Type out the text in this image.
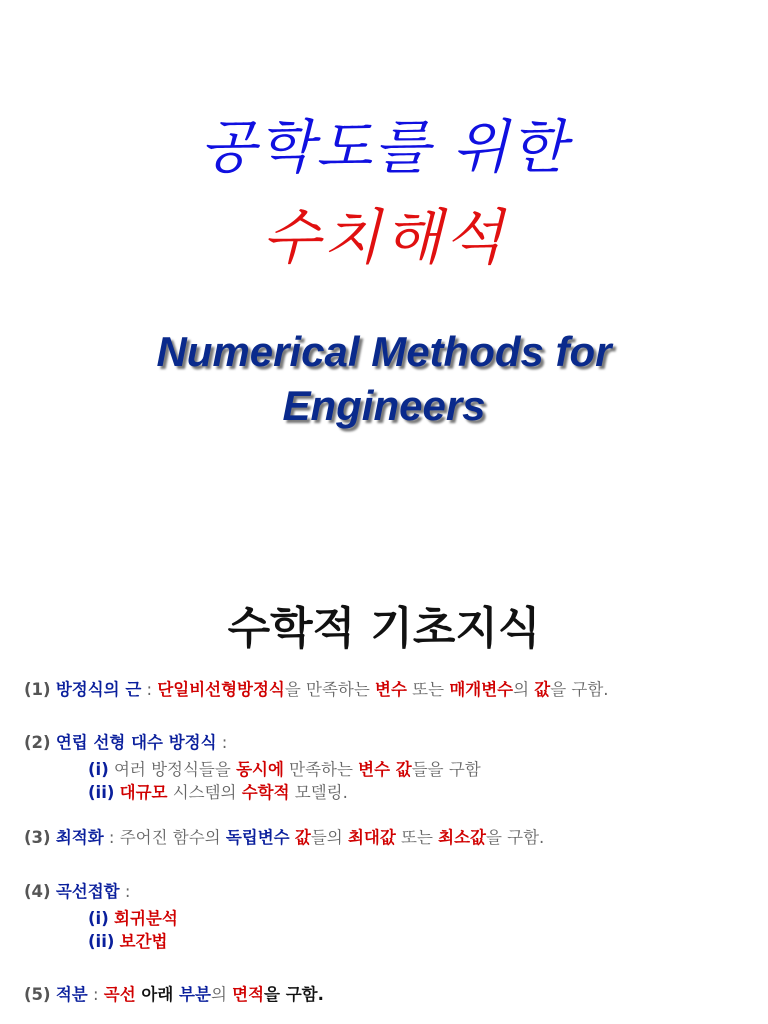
공학도를 위한
수치해석
Numerical Methods for
Engineers
수학적 기초지식
(1) 방정식의 근 : 단일비선형방정식을 만족하는 변수 또는 매개변수의 값을 구함.
(2) 연립 선형 대수 방정식 :
(i) 여러 방정식들을 동시에 만족하는 변수 값들을 구함
(ii) 대규모 시스템의 수학적 모델링.
(3) 최적화 : 주어진 함수의 독립변수 값들의 최대값 또는 최소값을 구함.
(4) 곡선접합 :
(i) 회귀분석
(ii) 보간법
(5) 적분 : 곡선 아래 부분의 면적을 구함.
